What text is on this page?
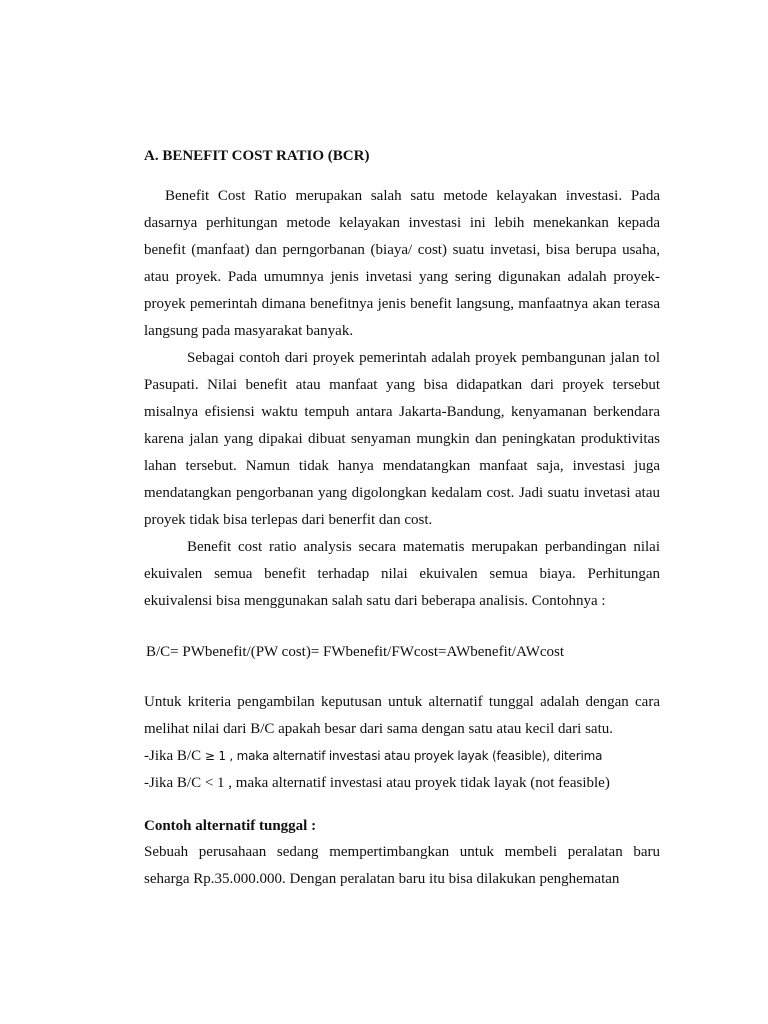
A. BENEFIT COST RATIO (BCR)

Benefit Cost Ratio merupakan salah satu metode kelayakan investasi. Pada dasarnya perhitungan metode kelayakan investasi ini lebih menekankan kepada benefit (manfaat) dan perngorbanan (biaya/ cost) suatu invetasi, bisa berupa usaha, atau proyek. Pada umumnya jenis invetasi yang sering digunakan adalah proyek-proyek pemerintah dimana benefitnya jenis benefit langsung, manfaatnya akan terasa langsung pada masyarakat banyak.

Sebagai contoh dari proyek pemerintah adalah proyek pembangunan jalan tol Pasupati. Nilai benefit atau manfaat yang bisa didapatkan dari proyek tersebut misalnya efisiensi waktu tempuh antara Jakarta-Bandung, kenyamanan berkendara karena jalan yang dipakai dibuat senyaman mungkin dan peningkatan produktivitas lahan tersebut. Namun tidak hanya mendatangkan manfaat saja, investasi juga mendatangkan pengorbanan yang digolongkan kedalam cost. Jadi suatu invetasi atau proyek tidak bisa terlepas dari benerfit dan cost.

Benefit cost ratio analysis secara matematis merupakan perbandingan nilai ekuivalen semua benefit terhadap nilai ekuivalen semua biaya. Perhitungan ekuivalensi bisa menggunakan salah satu dari beberapa analisis. Contohnya :

B/C= PWbenefit/(PW cost)= FWbenefit/FWcost=AWbenefit/AWcost

Untuk kriteria pengambilan keputusan untuk alternatif tunggal adalah dengan cara melihat nilai dari B/C apakah besar dari sama dengan satu atau kecil dari satu.

-Jika B/C ≥ 1 , maka alternatif investasi atau proyek layak (feasible), diterima

-Jika B/C < 1 , maka alternatif investasi atau proyek tidak layak (not feasible)

Contoh alternatif tunggal :

Sebuah perusahaan sedang mempertimbangkan untuk membeli peralatan baru seharga Rp.35.000.000. Dengan peralatan baru itu bisa dilakukan penghematan
